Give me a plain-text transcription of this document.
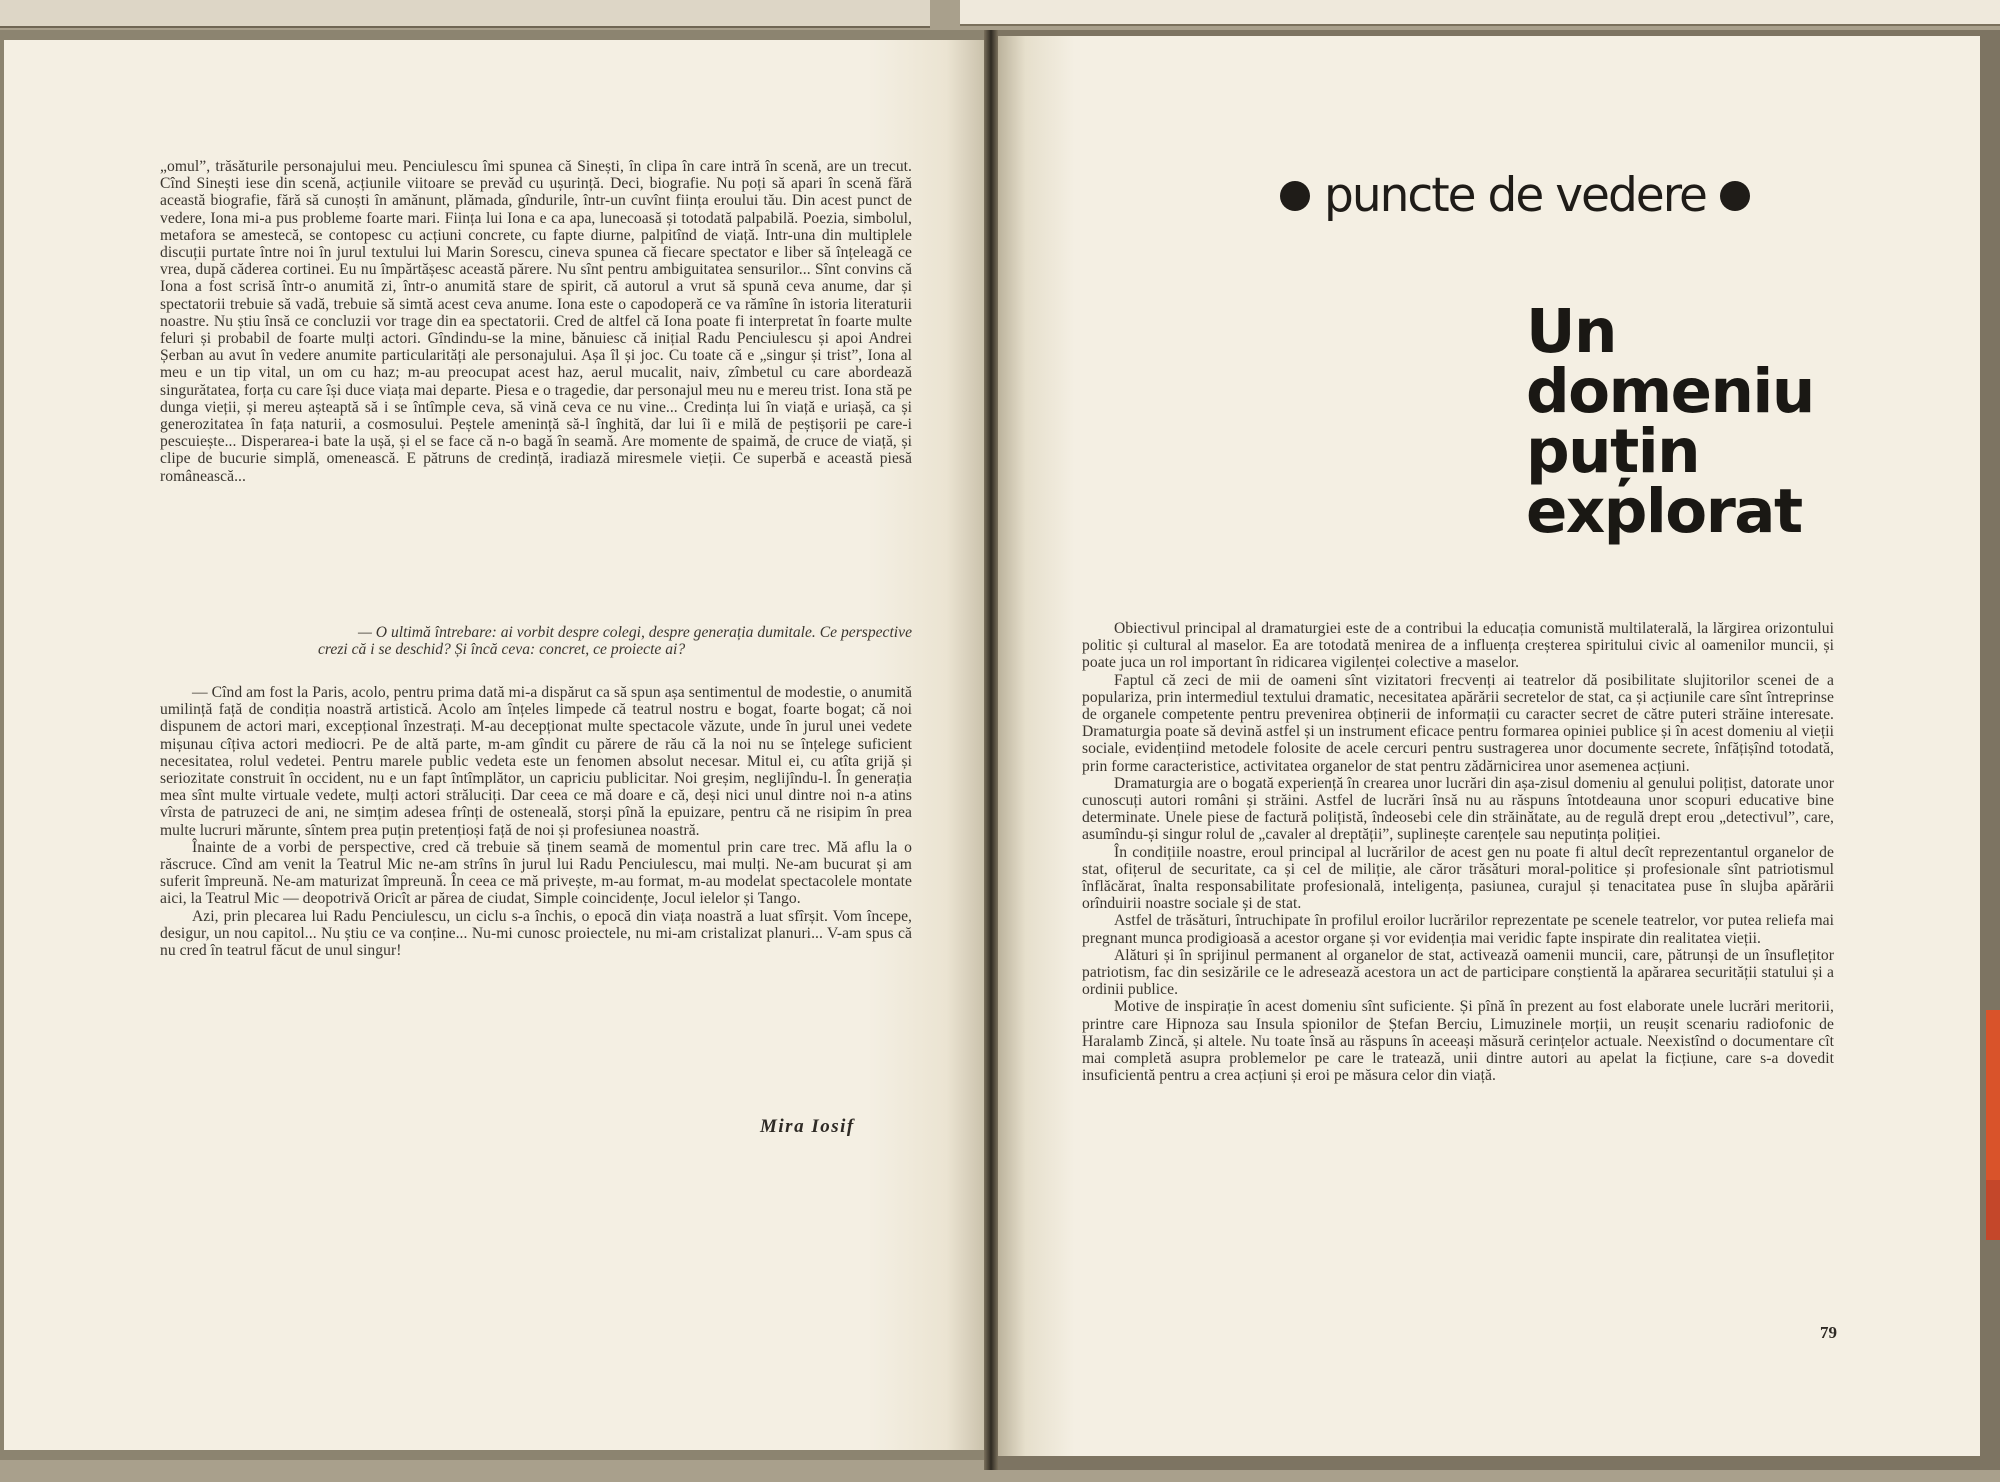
„omul”, trăsăturile personajului meu. Penciulescu îmi spunea că Sinești, în clipa în care intră în scenă, are un trecut. Cînd Sinești iese din scenă, acțiunile viitoare se prevăd cu ușurință. Deci, biografie. Nu poți să apari în scenă fără această biografie, fără să cunoști în amănunt, plămada, gîndurile, într-un cuvînt ființa eroului tău. Din acest punct de vedere, Iona mi-a pus probleme foarte mari. Ființa lui Iona e ca apa, lunecoasă și totodată palpabilă. Poezia, simbolul, metafora se amestecă, se contopesc cu acțiuni concrete, cu fapte diurne, palpitînd de viață. Intr-una din multiplele discuții purtate între noi în jurul textului lui Marin Sorescu, cineva spunea că fiecare spectator e liber să înțeleagă ce vrea, după căderea cortinei. Eu nu împărtășesc această părere. Nu sînt pentru ambiguitatea sensurilor... Sînt convins că Iona a fost scrisă într-o anumită zi, într-o anumită stare de spirit, că autorul a vrut să spună ceva anume, dar și spectatorii trebuie să vadă, trebuie să simtă acest ceva anume. Iona este o capodoperă ce va rămîne în istoria literaturii noastre. Nu știu însă ce concluzii vor trage din ea spectatorii. Cred de altfel că Iona poate fi interpretat în foarte multe feluri și probabil de foarte mulți actori. Gîndindu-se la mine, bănuiesc că inițial Radu Penciulescu și apoi Andrei Șerban au avut în vedere anumite particularități ale personajului. Așa îl și joc. Cu toate că e „singur și trist”, Iona al meu e un tip vital, un om cu haz; m-au preocupat acest haz, aerul mucalit, naiv, zîmbetul cu care abordează singurătatea, forța cu care își duce viața mai departe. Piesa e o tragedie, dar personajul meu nu e mereu trist. Iona stă pe dunga vieții, și mereu așteaptă să i se întîmple ceva, să vină ceva ce nu vine... Credința lui în viață e uriașă, ca și generozitatea în fața naturii, a cosmosului. Peștele amenință să-l înghită, dar lui îi e milă de peștișorii pe care-i pescuiește... Disperarea-i bate la ușă, și el se face că n-o bagă în seamă. Are momente de spaimă, de cruce de viață, și clipe de bucurie simplă, omenească. E pătruns de credință, iradiază miresmele vieții. Ce superbă e această piesă românească...

— O ultimă întrebare: ai vorbit despre colegi, despre generația dumitale. Ce perspective crezi că i se deschid? Și încă ceva: concret, ce proiecte ai?

— Cînd am fost la Paris, acolo, pentru prima dată mi-a dispărut ca să spun așa sentimentul de modestie, o anumită umilință față de condiția noastră artistică. Acolo am înțeles limpede că teatrul nostru e bogat, foarte bogat; că noi dispunem de actori mari, excepțional înzestrați. M-au decepționat multe spectacole văzute, unde în jurul unei vedete mișunau cîțiva actori mediocri. Pe de altă parte, m-am gîndit cu părere de rău că la noi nu se înțelege suficient necesitatea, rolul vedetei. Pentru marele public vedeta este un fenomen absolut necesar. Mitul ei, cu atîta grijă și seriozitate construit în occident, nu e un fapt întîmplător, un capriciu publicitar. Noi greșim, neglijîndu-l. În generația mea sînt multe virtuale vedete, mulți actori străluciți. Dar ceea ce mă doare e că, deși nici unul dintre noi n-a atins vîrsta de patruzeci de ani, ne simțim adesea frînți de osteneală, storși pînă la epuizare, pentru că ne risipim în prea multe lucruri mărunte, sîntem prea puțin pretențioși față de noi și profesiunea noastră.

Înainte de a vorbi de perspective, cred că trebuie să ținem seamă de momentul prin care trec. Mă aflu la o răscruce. Cînd am venit la Teatrul Mic ne-am strîns în jurul lui Radu Penciulescu, mai mulți. Ne-am bucurat și am suferit împreună. Ne-am maturizat împreună. În ceea ce mă privește, m-au format, m-au modelat spectacolele montate aici, la Teatrul Mic — deopotrivă Oricît ar părea de ciudat, Simple coincidențe, Jocul ielelor și Tango.

Azi, prin plecarea lui Radu Penciulescu, un ciclu s-a închis, o epocă din viața noastră a luat sfîrșit. Vom începe, desigur, un nou capitol... Nu știu ce va conține... Nu-mi cunosc proiectele, nu mi-am cristalizat planuri... V-am spus că nu cred în teatrul făcut de unul singur!

Mira Iosif
puncte de vedere
Un
domeniu
puțin
explorat

Obiectivul principal al dramaturgiei este de a contribui la educația comunistă multilaterală, la lărgirea orizontului politic și cultural al maselor. Ea are totodată menirea de a influența creșterea spiritului civic al oamenilor muncii, și poate juca un rol important în ridicarea vigilenței colective a maselor.

Faptul că zeci de mii de oameni sînt vizitatori frecvenți ai teatrelor dă posibilitate slujitorilor scenei de a populariza, prin intermediul textului dramatic, necesitatea apărării secretelor de stat, ca și acțiunile care sînt întreprinse de organele competente pentru prevenirea obținerii de informații cu caracter secret de către puteri străine interesate. Dramaturgia poate să devină astfel și un instrument eficace pentru formarea opiniei publice și în acest domeniu al vieții sociale, evidențiind metodele folosite de acele cercuri pentru sustragerea unor documente secrete, înfățișînd totodată, prin forme caracteristice, activitatea organelor de stat pentru zădărnicirea unor asemenea acțiuni.

Dramaturgia are o bogată experiență în crearea unor lucrări din așa-zisul domeniu al genului polițist, datorate unor cunoscuți autori români și străini. Astfel de lucrări însă nu au răspuns întotdeauna unor scopuri educative bine determinate. Unele piese de factură polițistă, îndeosebi cele din străinătate, au de regulă drept erou „detectivul”, care, asumîndu-și singur rolul de „cavaler al dreptății”, suplinește carențele sau neputința poliției.

În condițiile noastre, eroul principal al lucrărilor de acest gen nu poate fi altul decît reprezentantul organelor de stat, ofițerul de securitate, ca și cel de miliție, ale căror trăsături moral-politice și profesionale sînt patriotismul înflăcărat, înalta responsabilitate profesională, inteligența, pasiunea, curajul și tenacitatea puse în slujba apărării orînduirii noastre sociale și de stat.

Astfel de trăsături, întruchipate în profilul eroilor lucrărilor reprezentate pe scenele teatrelor, vor putea reliefa mai pregnant munca prodigioasă a acestor organe și vor evidenția mai veridic fapte inspirate din realitatea vieții.

Alături și în sprijinul permanent al organelor de stat, activează oamenii muncii, care, pătrunși de un însuflețitor patriotism, fac din sesizările ce le adresează acestora un act de participare conștientă la apărarea securității statului și a ordinii publice.

Motive de inspirație în acest domeniu sînt suficiente. Și pînă în prezent au fost elaborate unele lucrări meritorii, printre care Hipnoza sau Insula spionilor de Ștefan Berciu, Limuzinele morții, un reușit scenariu radiofonic de Haralamb Zincă, și altele. Nu toate însă au răspuns în aceeași măsură cerințelor actuale. Neexistînd o documentare cît mai completă asupra problemelor pe care le tratează, unii dintre autori au apelat la ficțiune, care s-a dovedit insuficientă pentru a crea acțiuni și eroi pe măsura celor din viață.

79
